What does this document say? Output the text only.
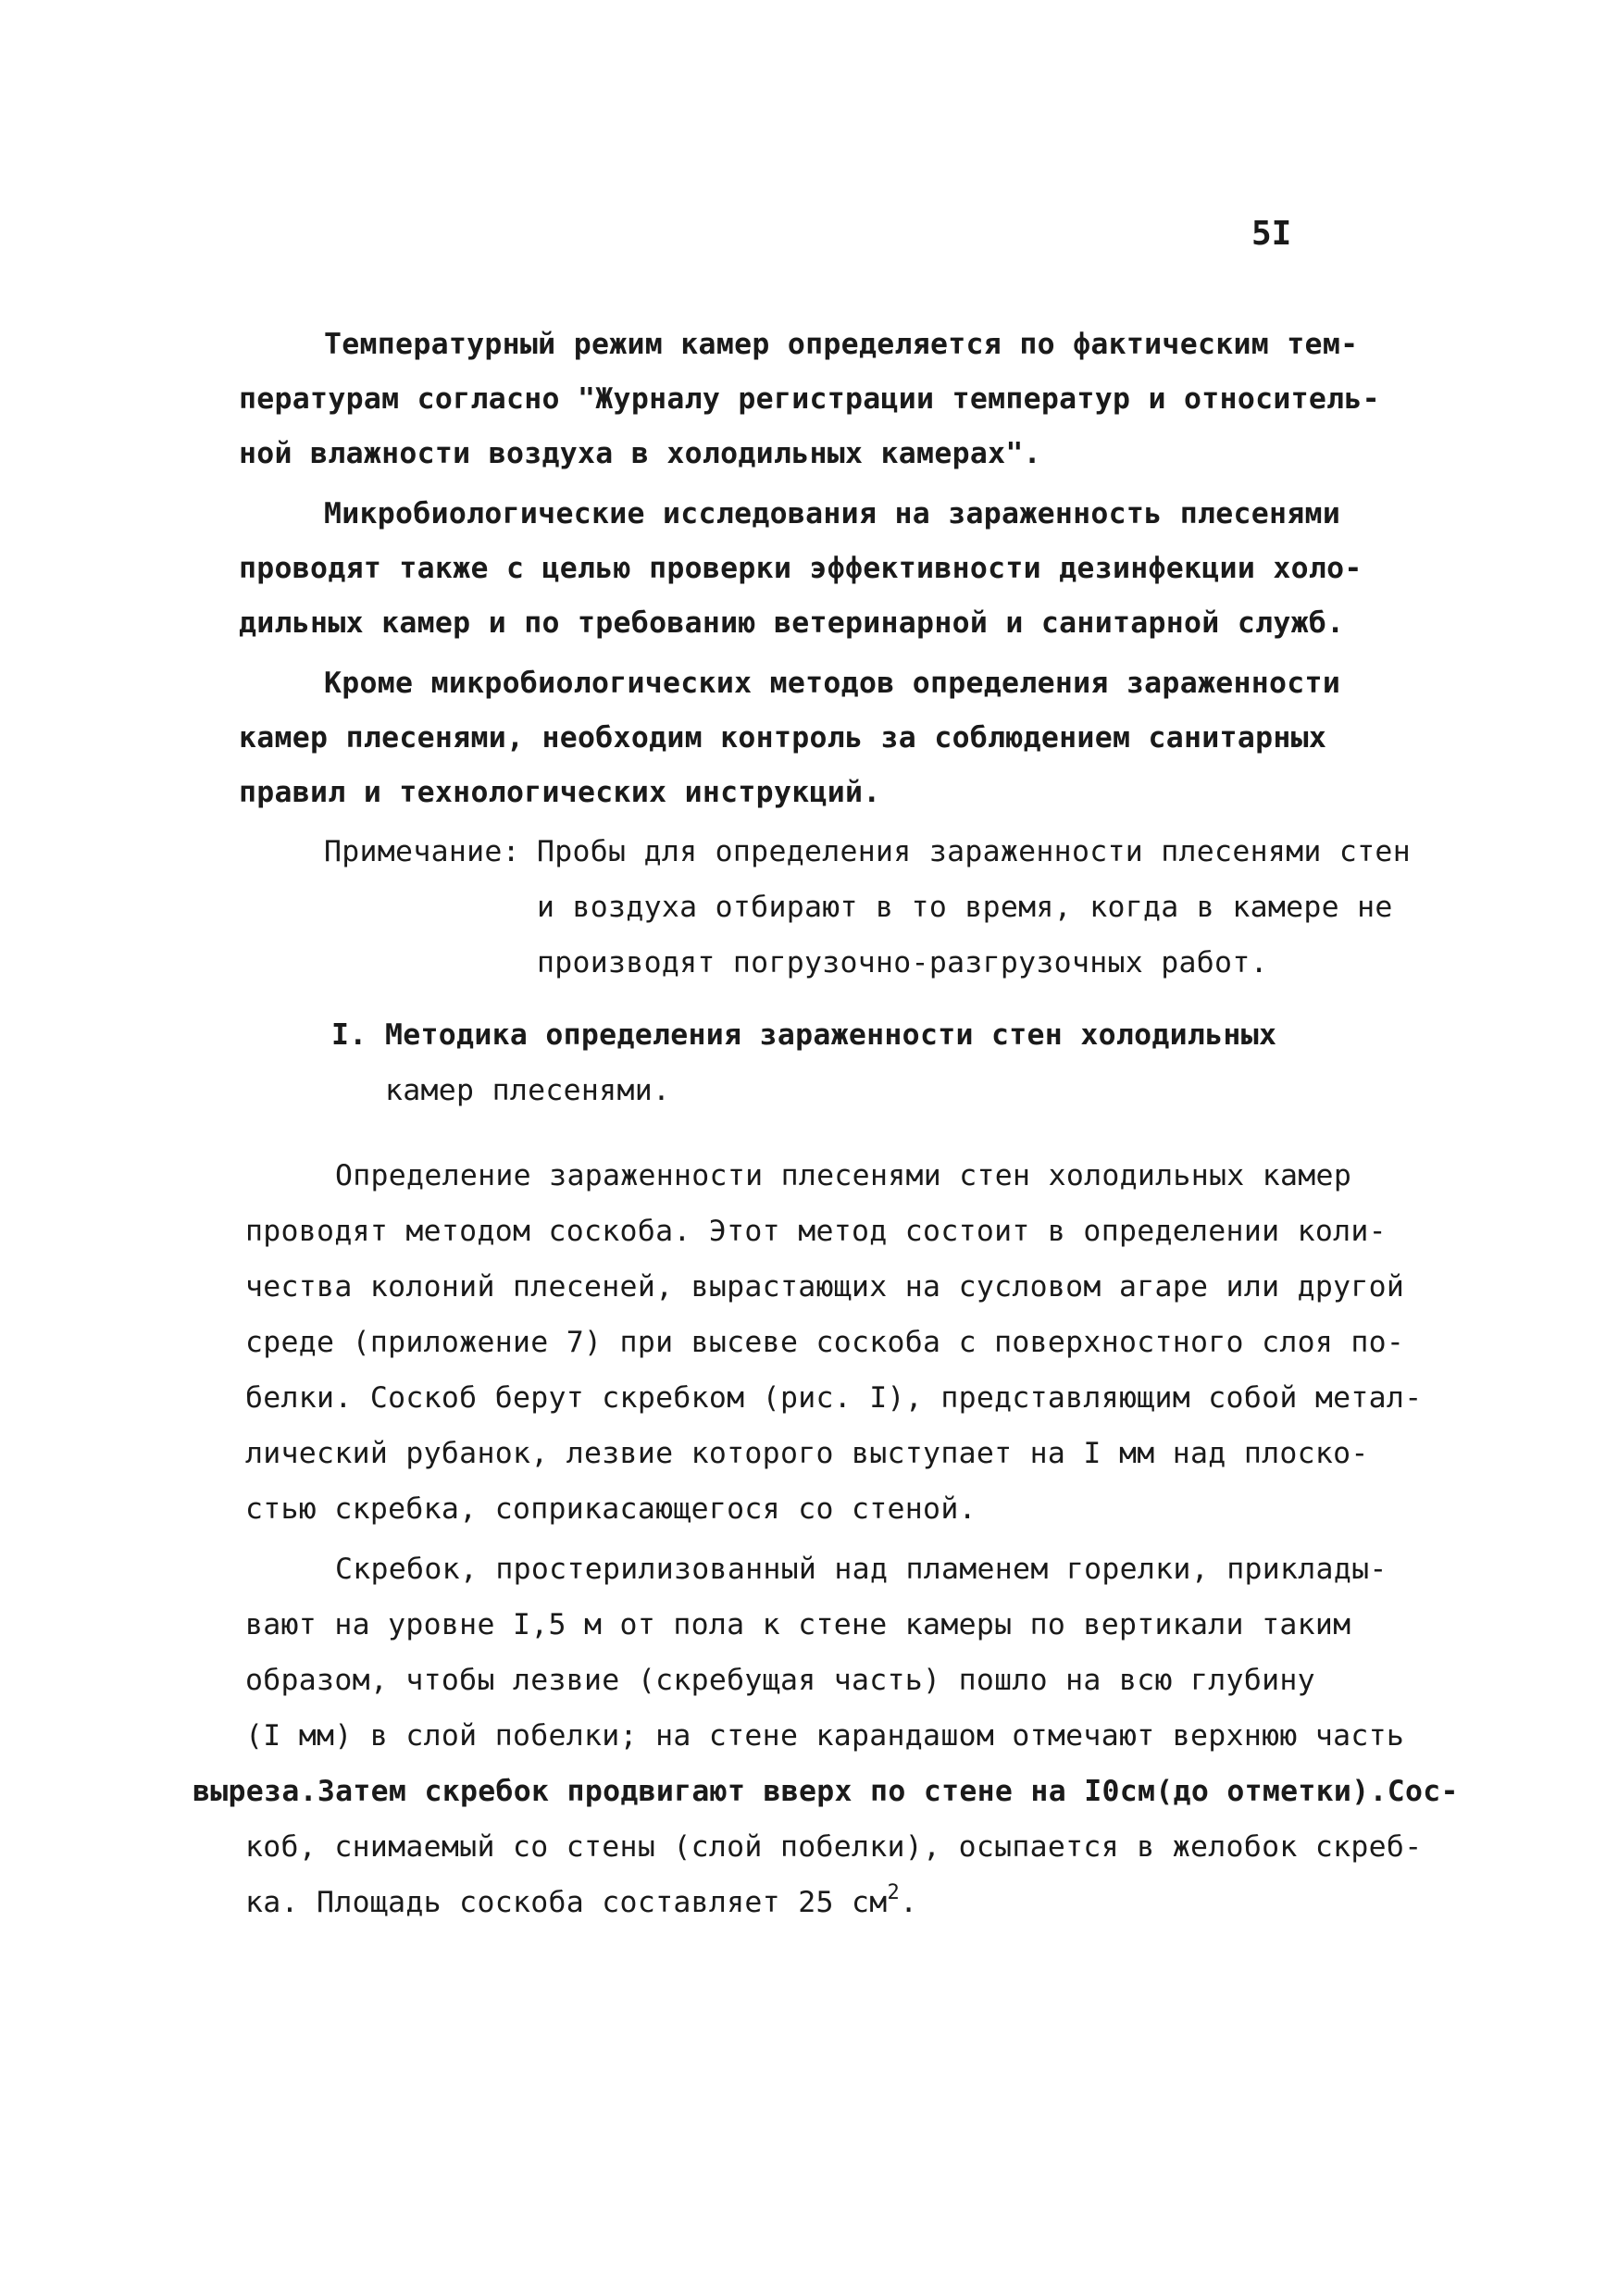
5I
Температурный режим камер определяется по фактическим тем-
пературам согласно "Журналу регистрации температур и относитель-
ной влажности воздуха в холодильных камерах".
Микробиологические исследования на зараженность плесенями
проводят также с целью проверки эффективности дезинфекции холо-
дильных камер и по требованию ветеринарной и санитарной служб.
Кроме микробиологических методов определения зараженности
камер плесенями, необходим контроль за соблюдением санитарных
правил и технологических инструкций.
Примечание: Пробы для определения зараженности плесенями стен
и воздуха отбирают в то время, когда в камере не
производят погрузочно-разгрузочных работ.
I. Методика определения зараженности стен холодильных
камер плесенями.
Определение зараженности плесенями стен холодильных камер
проводят методом соскоба. Этот метод состоит в определении коли-
чества колоний плесеней, вырастающих на сусловом агаре или другой
среде (приложение 7) при высеве соскоба с поверхностного слоя по-
белки. Соскоб берут скребком (рис. I), представляющим собой метал-
лический рубанок, лезвие которого выступает на I мм над плоско-
стью скребка, соприкасающегося со стеной.
Скребок, простерилизованный над пламенем горелки, приклады-
вают на уровне I,5 м от пола к стене камеры по вертикали таким
образом, чтобы лезвие (скребущая часть) пошло на всю глубину
(I мм) в слой побелки; на стене карандашом отмечают верхнюю часть
выреза.Затем скребок продвигают вверх по стене на I0см(до отметки).Сос-
коб, снимаемый со стены (слой побелки), осыпается в желобок скреб-
ка. Площадь соскоба составляет 25 $см^2$.
